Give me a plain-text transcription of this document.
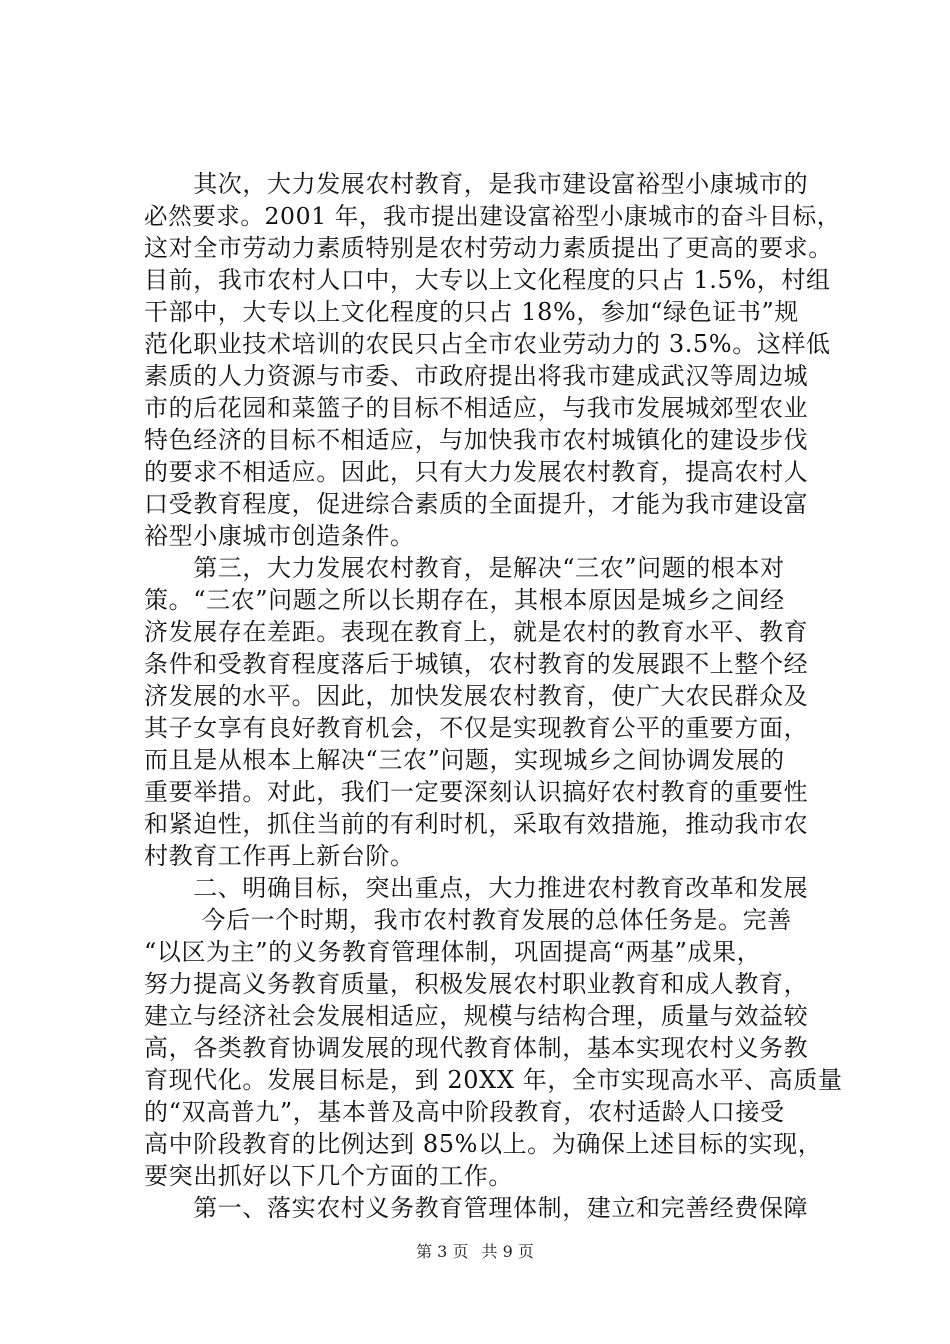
　　其次，大力发展农村教育，是我市建设富裕型小康城市的
必然要求。2001 年，我市提出建设富裕型小康城市的奋斗目标，
这对全市劳动力素质特别是农村劳动力素质提出了更高的要求。
目前，我市农村人口中，大专以上文化程度的只占 1.5%，村组
干部中，大专以上文化程度的只占 18%，参加“绿色证书”规
范化职业技术培训的农民只占全市农业劳动力的 3.5%。这样低
素质的人力资源与市委、市政府提出将我市建成武汉等周边城
市的后花园和菜篮子的目标不相适应，与我市发展城郊型农业
特色经济的目标不相适应，与加快我市农村城镇化的建设步伐
的要求不相适应。因此，只有大力发展农村教育，提高农村人
口受教育程度，促进综合素质的全面提升，才能为我市建设富
裕型小康城市创造条件。
　　第三，大力发展农村教育，是解决“三农”问题的根本对
策。“三农”问题之所以长期存在，其根本原因是城乡之间经
济发展存在差距。表现在教育上，就是农村的教育水平、教育
条件和受教育程度落后于城镇，农村教育的发展跟不上整个经
济发展的水平。因此，加快发展农村教育，使广大农民群众及
其子女享有良好教育机会，不仅是实现教育公平的重要方面，
而且是从根本上解决“三农”问题，实现城乡之间协调发展的
重要举措。对此，我们一定要深刻认识搞好农村教育的重要性
和紧迫性，抓住当前的有利时机，采取有效措施，推动我市农
村教育工作再上新台阶。
　　二、明确目标，突出重点，大力推进农村教育改革和发展
　　 今后一个时期，我市农村教育发展的总体任务是。完善
“以区为主”的义务教育管理体制，巩固提高“两基”成果，
努力提高义务教育质量，积极发展农村职业教育和成人教育，
建立与经济社会发展相适应，规模与结构合理，质量与效益较
高，各类教育协调发展的现代教育体制，基本实现农村义务教
育现代化。发展目标是，到 20XX 年，全市实现高水平、高质量
的“双高普九”，基本普及高中阶段教育，农村适龄人口接受
高中阶段教育的比例达到 85%以上。为确保上述目标的实现，
要突出抓好以下几个方面的工作。
　　第一、落实农村义务教育管理体制，建立和完善经费保障
第 3 页 共 9 页
